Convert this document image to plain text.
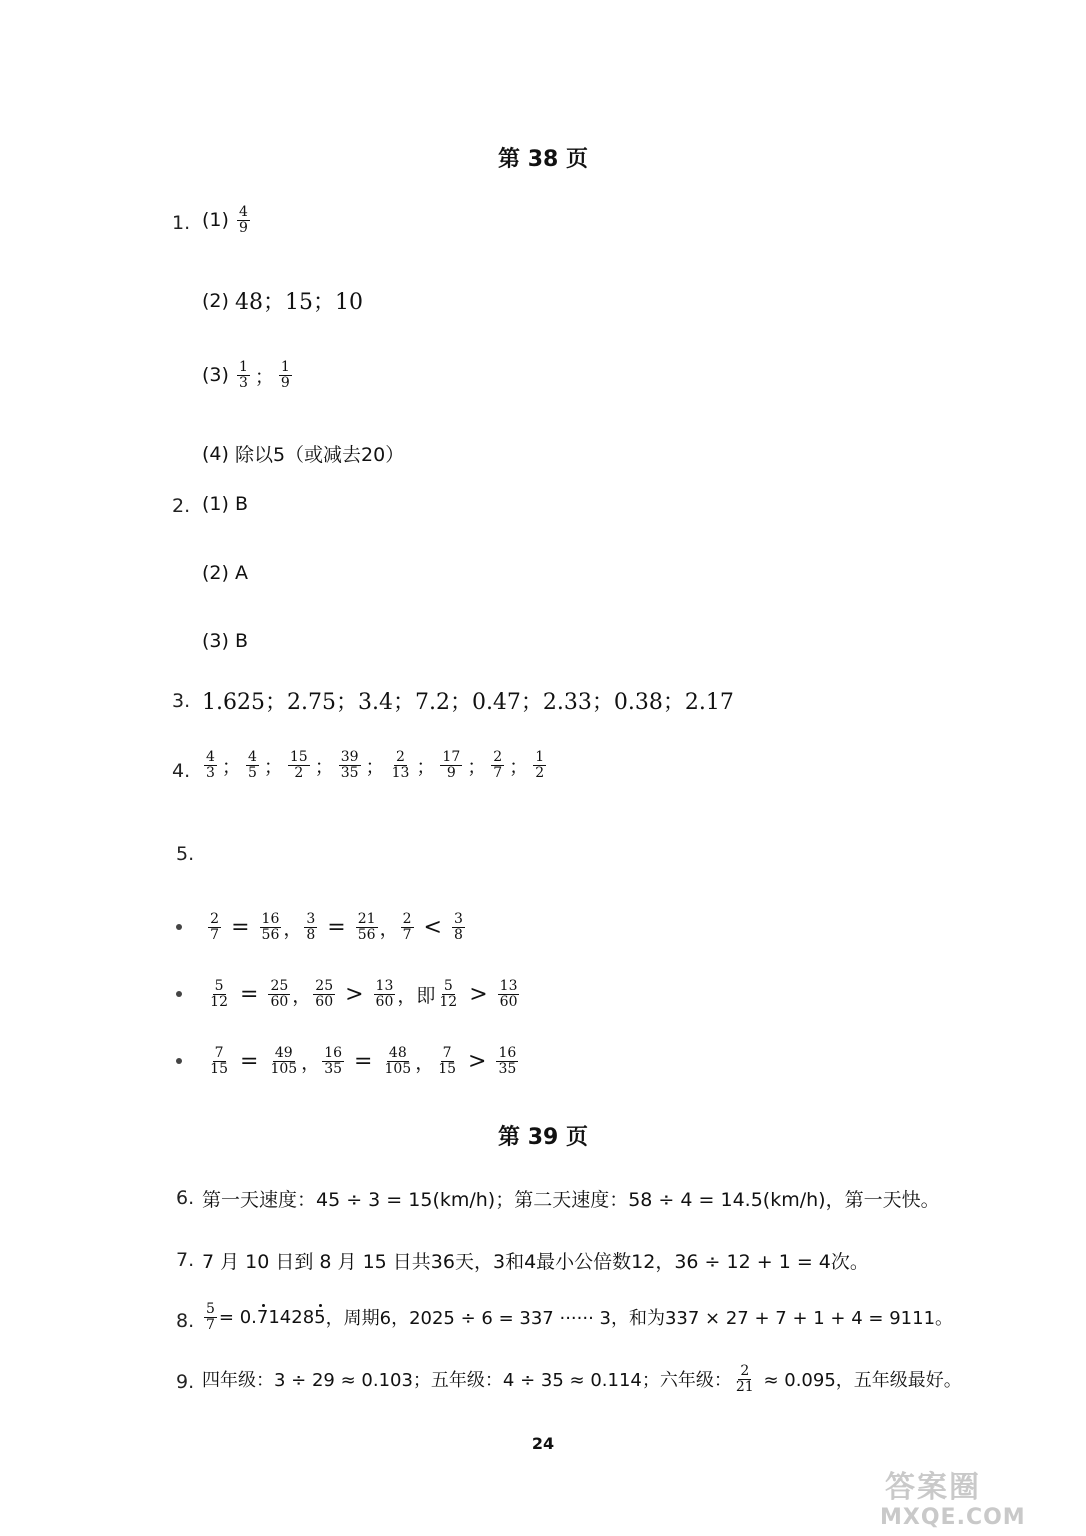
第 38 页
1. (1)
$\frac{4}{9}$
(2)
48；15；10
(3)
$\frac{1}{3}$ ； $\frac{1}{9}$
(4)
除以5（或减去20）
2. (1) B
(2) A
(3) B
3. 1.625；2.75；3.4；7.2；0.47；2.33；0.38；2.17
4. $\frac{4}{3}$ ； $\frac{4}{5}$ ； $\frac{15}{2}$ ； $\frac{39}{35}$ ； $\frac{2}{13}$ ； $\frac{17}{9}$ ； $\frac{2}{7}$ ； $\frac{1}{2}$
5.

$\frac{2}{7} = \frac{16}{56}$ ， $\frac{3}{8} = \frac{21}{56}$ ， $\frac{2}{7} < \frac{3}{8}$

$\frac{5}{12} = \frac{25}{60}$ ， $\frac{25}{60} > \frac{13}{60}$ ，即 $\frac{5}{12} > \frac{13}{60}$

$\frac{7}{15} = \frac{49}{105}$ ， $\frac{16}{35} = \frac{48}{105}$ ， $\frac{7}{15} > \frac{16}{35}$
第 39 页
6. 第一天速度：45 ÷ 3 = 15(km/h)；第二天速度：58 ÷ 4 = 14.5(km/h)，第一天快。
7. 7 月 10 日到 8 月 15 日共36天，3和4最小公倍数12，36 ÷ 12 + 1 = 4次。
8. $\frac{5}{7} = 0$. 7 1428 5 ，周期6，2025 ÷ 6 = 337 ······ 3，和为337 × 27 + 7 + 1 + 4 = 9111。
9. 四年级：3 ÷ 29 ≈ 0.103；五年级：4 ÷ 35 ≈ 0.114；六年级： $\frac{2}{21}$
≈ 0.095，五年级最好。
24
答案圈
MXQE.COM
